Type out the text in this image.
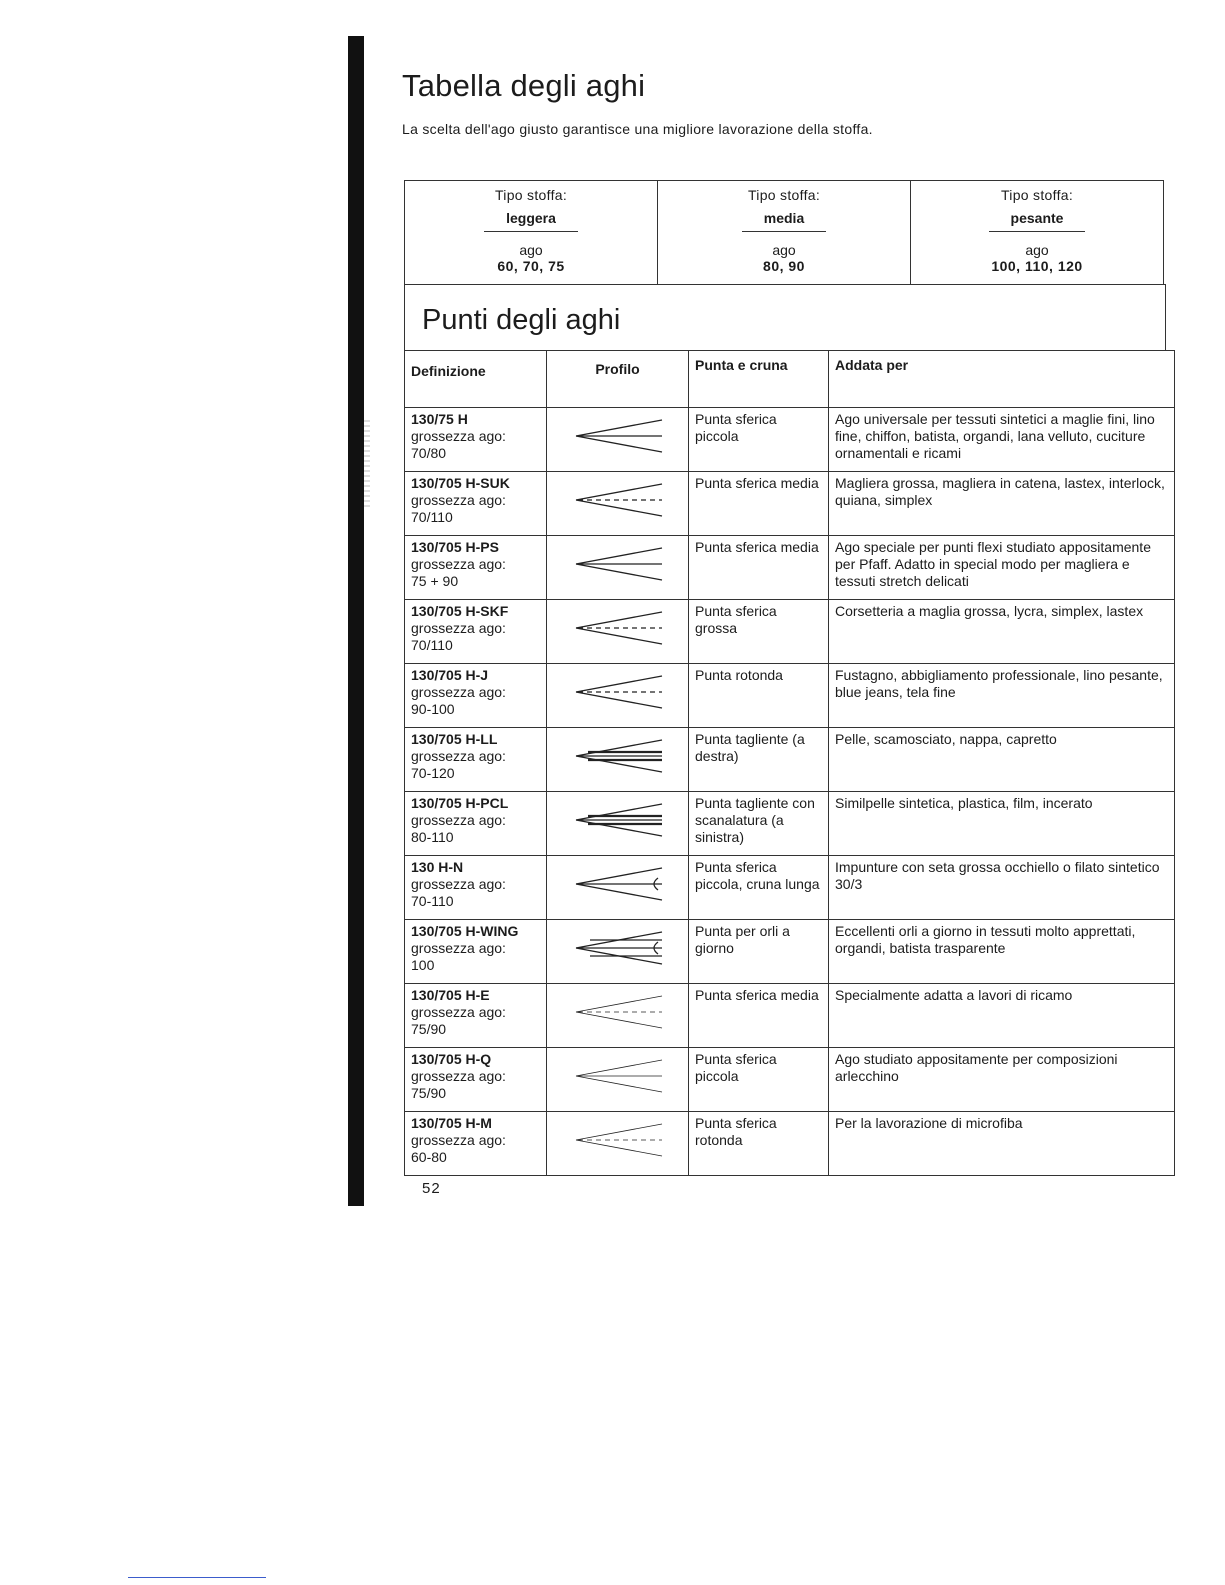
Tabella degli aghi

La scelta dell'ago giusto garantisce una migliore lavorazione della stoffa.

Tipo stoffa:
leggera
ago
60, 70, 75
Tipo stoffa:
media
ago
80, 90
Tipo stoffa:
pesante
ago
100, 110, 120
Punti degli aghi
Definizione	Profilo	Punta e cruna	Addata per

130/75 H
grossezza ago:
70/80		Punta sferica piccola	Ago universale per tessuti sintetici a maglie fini, lino fine, chiffon, batista, organdi, lana velluto, cuciture ornamentali e ricami

130/705 H-SUK
grossezza ago:
70/110		Punta sferica media	Magliera grossa, magliera in catena, lastex, interlock, quiana, simplex

130/705 H-PS
grossezza ago:
75 + 90		Punta sferica media	Ago speciale per punti flexi studiato appositamente per Pfaff. Adatto in special modo per magliera e tessuti stretch delicati

130/705 H-SKF
grossezza ago:
70/110		Punta sferica grossa	Corsetteria a maglia grossa, lycra, simplex, lastex

130/705 H-J
grossezza ago:
90-100		Punta rotonda	Fustagno, abbigliamento professionale, lino pesante, blue jeans, tela fine

130/705 H-LL
grossezza ago:
70-120		Punta tagliente (a destra)	Pelle, scamosciato, nappa, capretto

130/705 H-PCL
grossezza ago:
80-110		Punta tagliente con scanalatura (a sinistra)	Similpelle sintetica, plastica, film, incerato

130 H-N
grossezza ago:
70-110		Punta sferica piccola, cruna lunga	Impunture con seta grossa occhiello o filato sintetico 30/3

130/705 H-WING
grossezza ago:
100		Punta per orli a giorno	Eccellenti orli a giorno in tessuti molto apprettati, organdi, batista trasparente

130/705 H-E
grossezza ago:
75/90		Punta sferica media	Specialmente adatta a lavori di ricamo

130/705 H-Q
grossezza ago:
75/90		Punta sferica piccola	Ago studiato appositamente per composizioni arlecchino

130/705 H-M
grossezza ago:
60-80		Punta sferica rotonda	Per la lavorazione di microfiba
52
